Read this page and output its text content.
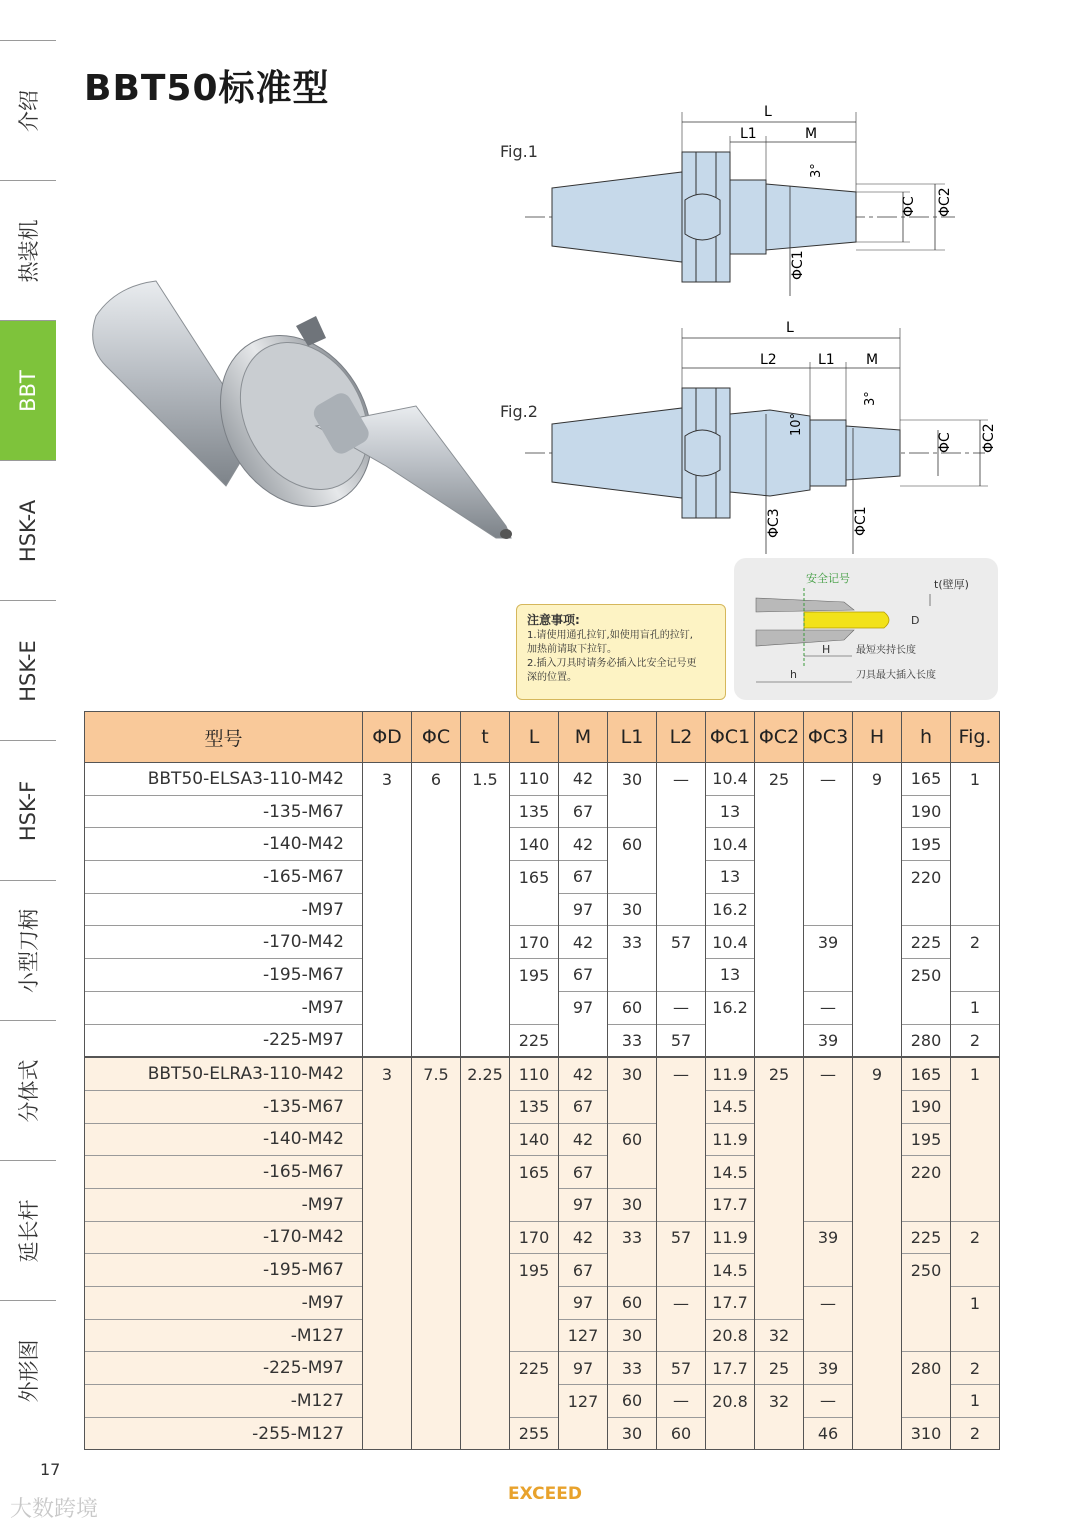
介绍
热装机
BBT
HSK-A
HSK-E
HSK-F
小型刀柄
分体式
延长杆
外形图
BBT50标准型
Fig.1
L
L1	M
3°
ΦC ΦC2
ΦC1
Fig.2
L
L2	L1 M
3°
10°
ΦC ΦC2
ΦC3	ΦC1
注意事项:
1.请使用通孔拉钉,如使用盲孔的拉钉,
加热前请取下拉钉。
2.插入刀具时请务必插入比安全记号更
深的位置。
安全记号	t(壁厚)
D
H	最短夹持长度
h	刀具最大插入长度
型号	ΦD	ΦC	t	L	M	L1	L2	ΦC1	ΦC2	ΦC3	H	h	Fig.
BBT50-ELSA3-110-M42	3	6	1.5	110	42	30	—	10.4	25	—	9	165	1
-135-M67				135	67			13				190	
-140-M42				140	42	60		10.4				195	
-165-M67				165	67			13				220	
-M97					97	30		16.2					
-170-M42				170	42	33	57	10.4		39		225	2
-195-M67				195	67			13				250	
-M97					97	60	—	16.2		—			1
-225-M97				225		33	57			39		280	2
BBT50-ELRA3-110-M42	3	7.5	2.25	110	42	30	—	11.9	25	—	9	165	1
-135-M67				135	67			14.5				190	
-140-M42				140	42	60		11.9				195	
-165-M67				165	67			14.5				220	
-M97					97	30		17.7					
-170-M42				170	42	33	57	11.9		39		225	2
-195-M67				195	67			14.5				250	
-M97					97	60	—	17.7		—			1
-M127					127	30		20.8	32				
-225-M97				225	97	33	57	17.7	25	39		280	2
-M127					127	60	—	20.8	32	—			1
-255-M127				255		30	60			46		310	2
17
EXCEED
大数跨境
